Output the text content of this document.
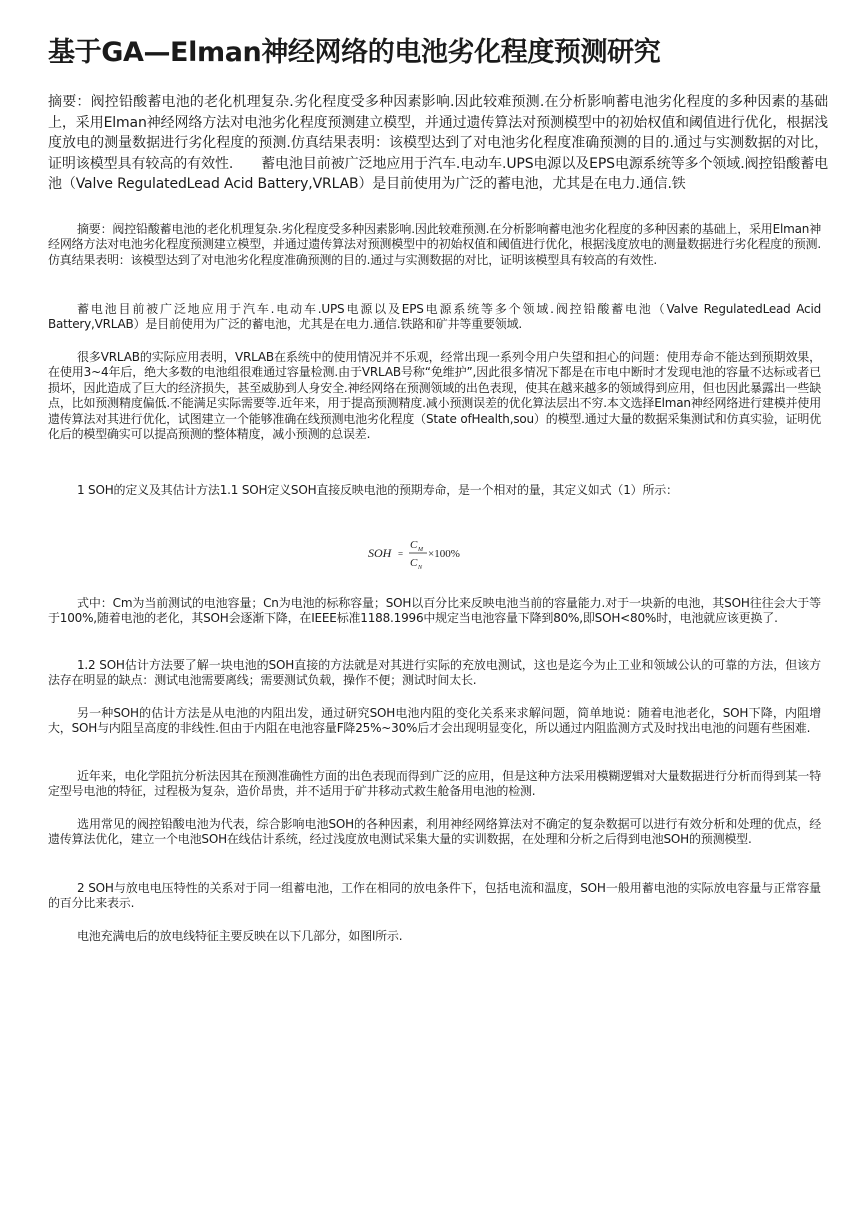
基于GA—Elman神经网络的电池劣化程度预测研究

摘要：阀控铅酸蓄电池的老化机理复杂.劣化程度受多种因素影响.因此较难预测.在分析影响蓄电池劣化程度的多种因素的基础上，采用Elman神经网络方法对电池劣化程度预测建立模型，并通过遗传算法对预测模型中的初始权值和阈值进行优化，根据浅度放电的测量数据进行劣化程度的预测.仿真结果表明：该模型达到了对电池劣化程度准确预测的目的.通过与实测数据的对比，证明该模型具有较高的有效性.　　蓄电池目前被广泛地应用于汽车.电动车.UPS电源以及EPS电源系统等多个领域.阀控铅酸蓄电池（Valve RegulatedLead Acid Battery,VRLAB）是目前使用为广泛的蓄电池，尤其是在电力.通信.铁

摘要：阀控铅酸蓄电池的老化机理复杂.劣化程度受多种因素影响.因此较难预测.在分析影响蓄电池劣化程度的多种因素的基础上，采用Elman神经网络方法对电池劣化程度预测建立模型，并通过遗传算法对预测模型中的初始权值和阈值进行优化，根据浅度放电的测量数据进行劣化程度的预测.仿真结果表明：该模型达到了对电池劣化程度准确预测的目的.通过与实测数据的对比，证明该模型具有较高的有效性.

蓄电池目前被广泛地应用于汽车.电动车.UPS电源以及EPS电源系统等多个领域.阀控铅酸蓄电池（Valve RegulatedLead Acid Battery,VRLAB）是目前使用为广泛的蓄电池，尤其是在电力.通信.铁路和矿井等重要领域.

很多VRLAB的实际应用表明，VRLAB在系统中的使用情况并不乐观，经常出现一系列令用户失望和担心的问题：使用寿命不能达到预期效果，在使用3~4年后，绝大多数的电池组很难通过容量检测.由于VRLAB号称“免维护”,因此很多情况下都是在市电中断时才发现电池的容量不达标或者已损坏，因此造成了巨大的经济损失，甚至威胁到人身安全.神经网络在预测领域的出色表现，使其在越来越多的领域得到应用，但也因此暴露出一些缺点，比如预测精度偏低.不能满足实际需要等.近年来，用于提高预测精度.减小预测误差的优化算法层出不穷.本文选择Elman神经网络进行建模并使用遗传算法对其进行优化，试图建立一个能够准确在线预测电池劣化程度（State ofHealth,sou）的模型.通过大量的数据采集测试和仿真实验，证明优化后的模型确实可以提高预测的整体精度，减小预测的总误差.

1 SOH的定义及其估计方法1.1 SOH定义SOH直接反映电池的预期寿命，是一个相对的量，其定义如式（1）所示：

SOH =
C M
C N
×100%

式中：Cm为当前测试的电池容量；Cn为电池的标称容量；SOH以百分比来反映电池当前的容量能力.对于一块新的电池，其SOH往往会大于等于100%,随着电池的老化，其SOH会逐渐下降，在IEEE标准1188.1996中规定当电池容量下降到80%,即SOH<80%时，电池就应该更换了.

1.2 SOH估计方法要了解一块电池的SOH直接的方法就是对其进行实际的充放电测试，这也是迄今为止工业和领域公认的可靠的方法，但该方法存在明显的缺点：测试电池需要离线；需要测试负载，操作不便；测试时间太长.

另一种SOH的估计方法是从电池的内阻出发，通过研究SOH电池内阻的变化关系来求解问题，简单地说：随着电池老化，SOH下降，内阻增大，SOH与内阻呈高度的非线性.但由于内阻在电池容量F降25%~30%后才会出现明显变化，所以通过内阻监测方式及时找出电池的问题有些困难.

近年来，电化学阻抗分析法因其在预测准确性方面的出色表现而得到广泛的应用，但是这种方法采用模糊逻辑对大量数据进行分析而得到某一特定型号电池的特征，过程极为复杂，造价昂贵，并不适用于矿井移动式救生舱备用电池的检测.

选用常见的阀控铅酸电池为代表，综合影响电池SOH的各种因素，利用神经网络算法对不确定的复杂数据可以进行有效分析和处理的优点，经遗传算法优化，建立一个电池SOH在线估计系统，经过浅度放电测试采集大量的实训数据，在处理和分析之后得到电池SOH的预测模型.

2 SOH与放电电压特性的关系对于同一组蓄电池，工作在相同的放电条件下，包括电流和温度，SOH一般用蓄电池的实际放电容量与正常容量的百分比来表示.

电池充满电后的放电线特征主要反映在以下几部分，如图l所示.
